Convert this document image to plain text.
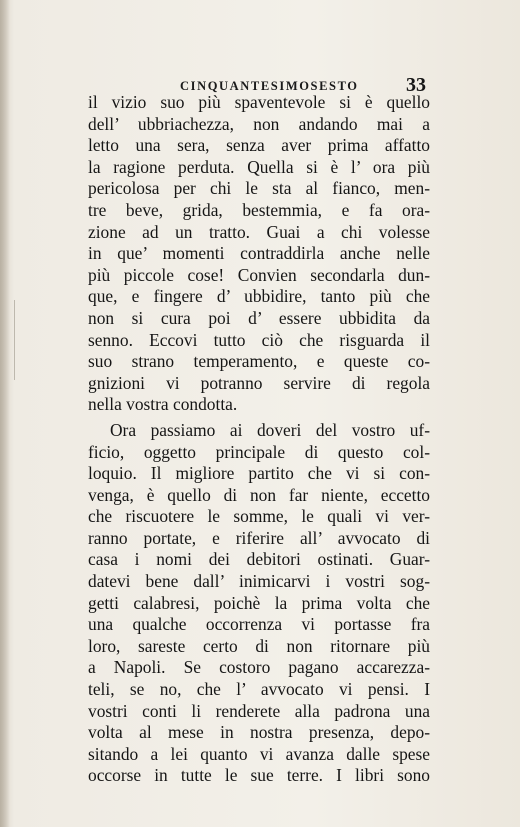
CINQUANTESIMOSESTO 33
il vizio suo più spaventevole si è quello
dell’ ubbriachezza, non andando mai a
letto una sera, senza aver prima affatto
la ragione perduta. Quella si è l’ ora più
pericolosa per chi le sta al fianco, men-
tre beve, grida, bestemmia, e fa ora-
zione ad un tratto. Guai a chi volesse
in que’ momenti contraddirla anche nelle
più piccole cose! Convien secondarla dun-
que, e fingere d’ ubbidire, tanto più che
non si cura poi d’ essere ubbidita da
senno. Eccovi tutto ciò che risguarda il
suo strano temperamento, e queste co-
gnizioni vi potranno servire di regola
nella vostra condotta.
Ora passiamo ai doveri del vostro uf-
ficio, oggetto principale di questo col-
loquio. Il migliore partito che vi si con-
venga, è quello di non far niente, eccetto
che riscuotere le somme, le quali vi ver-
ranno portate, e riferire all’ avvocato di
casa i nomi dei debitori ostinati. Guar-
datevi bene dall’ inimicarvi i vostri sog-
getti calabresi, poichè la prima volta che
una qualche occorrenza vi portasse fra
loro, sareste certo di non ritornare più
a Napoli. Se costoro pagano accarezza-
teli, se no, che l’ avvocato vi pensi. I
vostri conti li renderete alla padrona una
volta al mese in nostra presenza, depo-
sitando a lei quanto vi avanza dalle spese
occorse in tutte le sue terre. I libri sono
